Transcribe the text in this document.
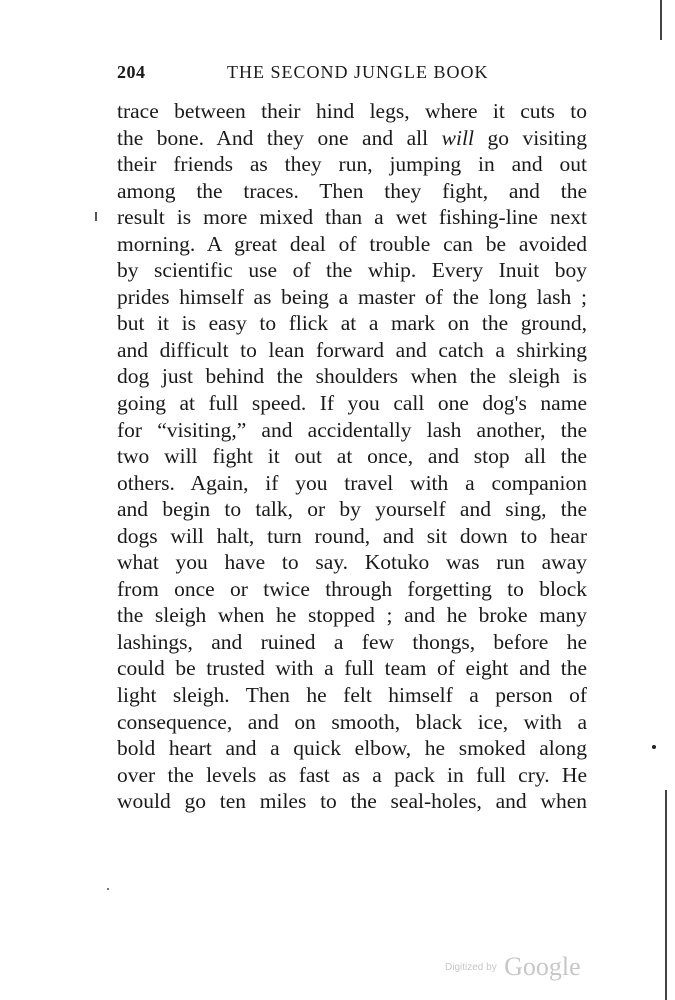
204	THE SECOND JUNGLE BOOK
trace between their hind legs, where it cuts to
the bone. And they one and all will go visiting
their friends as they run, jumping in and out
among the traces. Then they fight, and the
result is more mixed than a wet fishing-line next
morning. A great deal of trouble can be avoided
by scientific use of the whip. Every Inuit boy
prides himself as being a master of the long lash ;
but it is easy to flick at a mark on the ground,
and difficult to lean forward and catch a shirking
dog just behind the shoulders when the sleigh is
going at full speed. If you call one dog's name
for “visiting,” and accidentally lash another, the
two will fight it out at once, and stop all the
others. Again, if you travel with a companion
and begin to talk, or by yourself and sing, the
dogs will halt, turn round, and sit down to hear
what you have to say. Kotuko was run away
from once or twice through forgetting to block
the sleigh when he stopped ; and he broke many
lashings, and ruined a few thongs, before he
could be trusted with a full team of eight and the
light sleigh. Then he felt himself a person of
consequence, and on smooth, black ice, with a
bold heart and a quick elbow, he smoked along
over the levels as fast as a pack in full cry. He
would go ten miles to the seal-holes, and when
Digitized by Google
